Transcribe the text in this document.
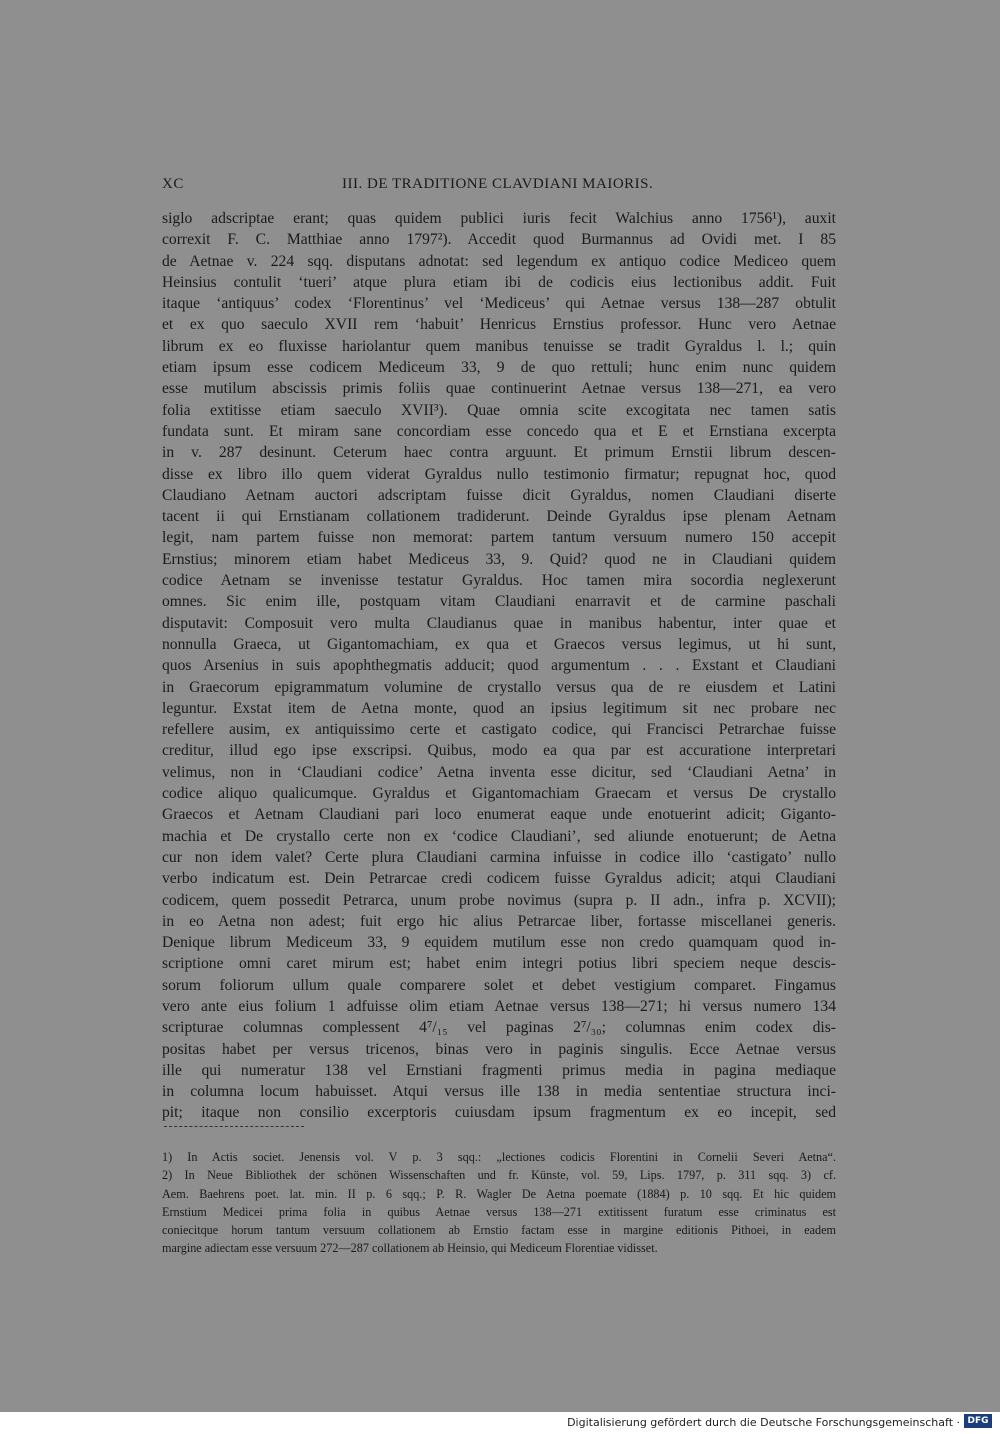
XC	III. DE TRADITIONE CLAVDIANI MAIORIS.
siglo adscriptae erant; quas quidem publici iuris fecit Walchius anno 1756¹), auxit
correxit F. C. Matthiae anno 1797²). Accedit quod Burmannus ad Ovidi met. I 85
de Aetnae v. 224 sqq. disputans adnotat: sed legendum ex antiquo codice Mediceo quem
Heinsius contulit ‘tueri’ atque plura etiam ibi de codicis eius lectionibus addit. Fuit
itaque ‘antiquus’ codex ‘Florentinus’ vel ‘Mediceus’ qui Aetnae versus 138—287 obtulit
et ex quo saeculo XVII rem ‘habuit’ Henricus Ernstius professor. Hunc vero Aetnae
librum ex eo fluxisse hariolantur quem manibus tenuisse se tradit Gyraldus l. l.; quin
etiam ipsum esse codicem Mediceum 33, 9 de quo rettuli; hunc enim nunc quidem
esse mutilum abscissis primis foliis quae continuerint Aetnae versus 138—271, ea vero
folia extitisse etiam saeculo XVII³). Quae omnia scite excogitata nec tamen satis
fundata sunt. Et miram sane concordiam esse concedo qua et E et Ernstiana excerpta
in v. 287 desinunt. Ceterum haec contra arguunt. Et primum Ernstii librum descen-
disse ex libro illo quem viderat Gyraldus nullo testimonio firmatur; repugnat hoc, quod
Claudiano Aetnam auctori adscriptam fuisse dicit Gyraldus, nomen Claudiani diserte
tacent ii qui Ernstianam collationem tradiderunt. Deinde Gyraldus ipse plenam Aetnam
legit, nam partem fuisse non memorat: partem tantum versuum numero 150 accepit
Ernstius; minorem etiam habet Mediceus 33, 9. Quid? quod ne in Claudiani quidem
codice Aetnam se invenisse testatur Gyraldus. Hoc tamen mira socordia neglexerunt
omnes. Sic enim ille, postquam vitam Claudiani enarravit et de carmine paschali
disputavit: Composuit vero multa Claudianus quae in manibus habentur, inter quae et
nonnulla Graeca, ut Gigantomachiam, ex qua et Graecos versus legimus, ut hi sunt,
quos Arsenius in suis apophthegmatis adducit; quod argumentum . . . Exstant et Claudiani
in Graecorum epigrammatum volumine de crystallo versus qua de re eiusdem et Latini
leguntur. Exstat item de Aetna monte, quod an ipsius legitimum sit nec probare nec
refellere ausim, ex antiquissimo certe et castigato codice, qui Francisci Petrarchae fuisse
creditur, illud ego ipse exscripsi. Quibus, modo ea qua par est accuratione interpretari
velimus, non in ‘Claudiani codice’ Aetna inventa esse dicitur, sed ‘Claudiani Aetna’ in
codice aliquo qualicumque. Gyraldus et Gigantomachiam Graecam et versus De crystallo
Graecos et Aetnam Claudiani pari loco enumerat eaque unde enotuerint adicit; Giganto-
machia et De crystallo certe non ex ‘codice Claudiani’, sed aliunde enotuerunt; de Aetna
cur non idem valet? Certe plura Claudiani carmina infuisse in codice illo ‘castigato’ nullo
verbo indicatum est. Dein Petrarcae credi codicem fuisse Gyraldus adicit; atqui Claudiani
codicem, quem possedit Petrarca, unum probe novimus (supra p. II adn., infra p. XCVII);
in eo Aetna non adest; fuit ergo hic alius Petrarcae liber, fortasse miscellanei generis.
Denique librum Mediceum 33, 9 equidem mutilum esse non credo quamquam quod in-
scriptione omni caret mirum est; habet enim integri potius libri speciem neque descis-
sorum foliorum ullum quale comparere solet et debet vestigium comparet. Fingamus
vero ante eius folium 1 adfuisse olim etiam Aetnae versus 138—271; hi versus numero 134
scripturae columnas complessent 4⁷/₁₅ vel paginas 2⁷/₃₀; columnas enim codex dis-
positas habet per versus tricenos, binas vero in paginis singulis. Ecce Aetnae versus
ille qui numeratur 138 vel Ernstiani fragmenti primus media in pagina mediaque
in columna locum habuisset. Atqui versus ille 138 in media sententiae structura inci-
pit; itaque non consilio excerptoris cuiusdam ipsum fragmentum ex eo incepit, sed
1) In Actis societ. Jenensis vol. V p. 3 sqq.: „lectiones codicis Florentini in Cornelii Severi Aetna“.
2) In Neue Bibliothek der schönen Wissenschaften und fr. Künste, vol. 59, Lips. 1797, p. 311 sqq. 3) cf.
Aem. Baehrens poet. lat. min. II p. 6 sqq.; P. R. Wagler De Aetna poemate (1884) p. 10 sqq. Et hic quidem
Ernstium Medicei prima folia in quibus Aetnae versus 138—271 extitissent furatum esse criminatus est
coniecitque horum tantum versuum collationem ab Ernstio factam esse in margine editionis Pithoei, in eadem
margine adiectam esse versuum 272—287 collationem ab Heinsio, qui Mediceum Florentiae vidisset.
Digitalisierung gefördert durch die Deutsche Forschungsgemeinschaft · DFG
